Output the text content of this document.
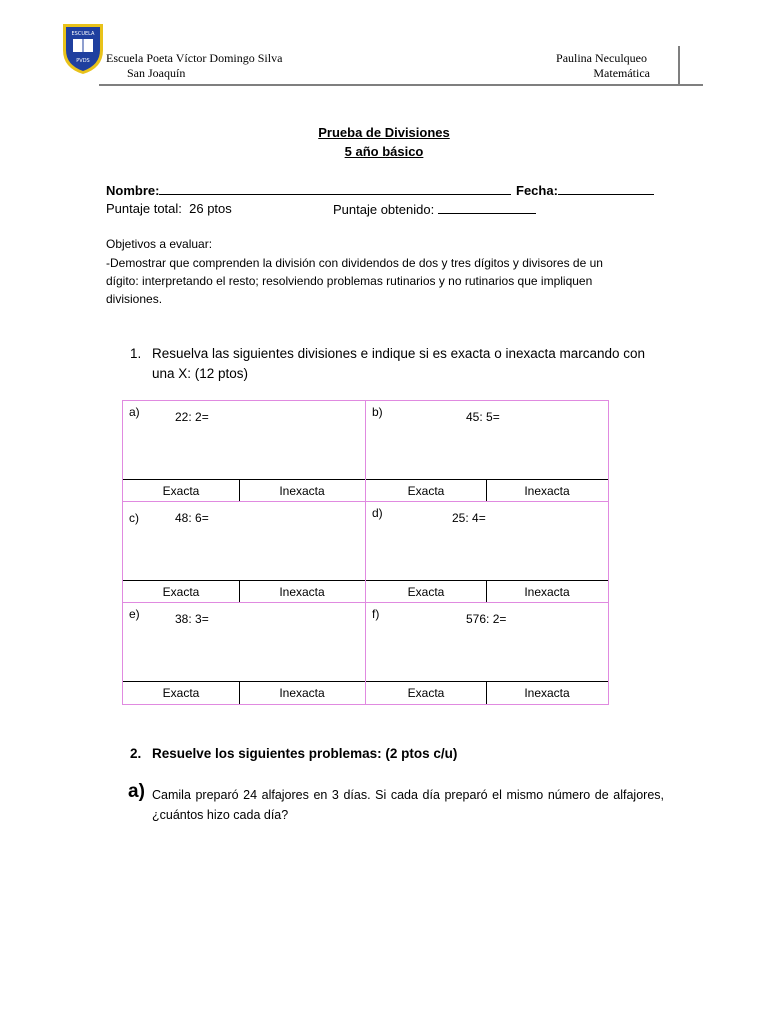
ESCUELA
PVDS Escuela Poeta Víctor Domingo Silva
San Joaquín
Paulina Neculqueo
Matemática
Prueba de Divisiones
5 año básico
Nombre:	Fecha:
Puntaje total: 26 ptos	Puntaje obtenido:
Objetivos a evaluar:
-Demostrar que comprenden la división con dividendos de dos y tres dígitos y divisores de un dígito: interpretando el resto; resolviendo problemas rutinarios y no rutinarios que impliquen divisiones.
1. Resuelva las siguientes divisiones e indique si es exacta o inexacta marcando con una X: (12 ptos)
a)	22: 2=	b)	45: 5=
c)	48: 6=	d)	25: 4=
e)	38: 3=	f)	576: 2=
Exacta	Inexacta	Exacta	Inexacta
Exacta	Inexacta	Exacta	Inexacta
Exacta	Inexacta	Exacta	Inexacta
2. Resuelve los siguientes problemas: (2 ptos c/u)
a) Camila preparó 24 alfajores en 3 días. Si cada día preparó el mismo número de alfajores, ¿cuántos hizo cada día?
